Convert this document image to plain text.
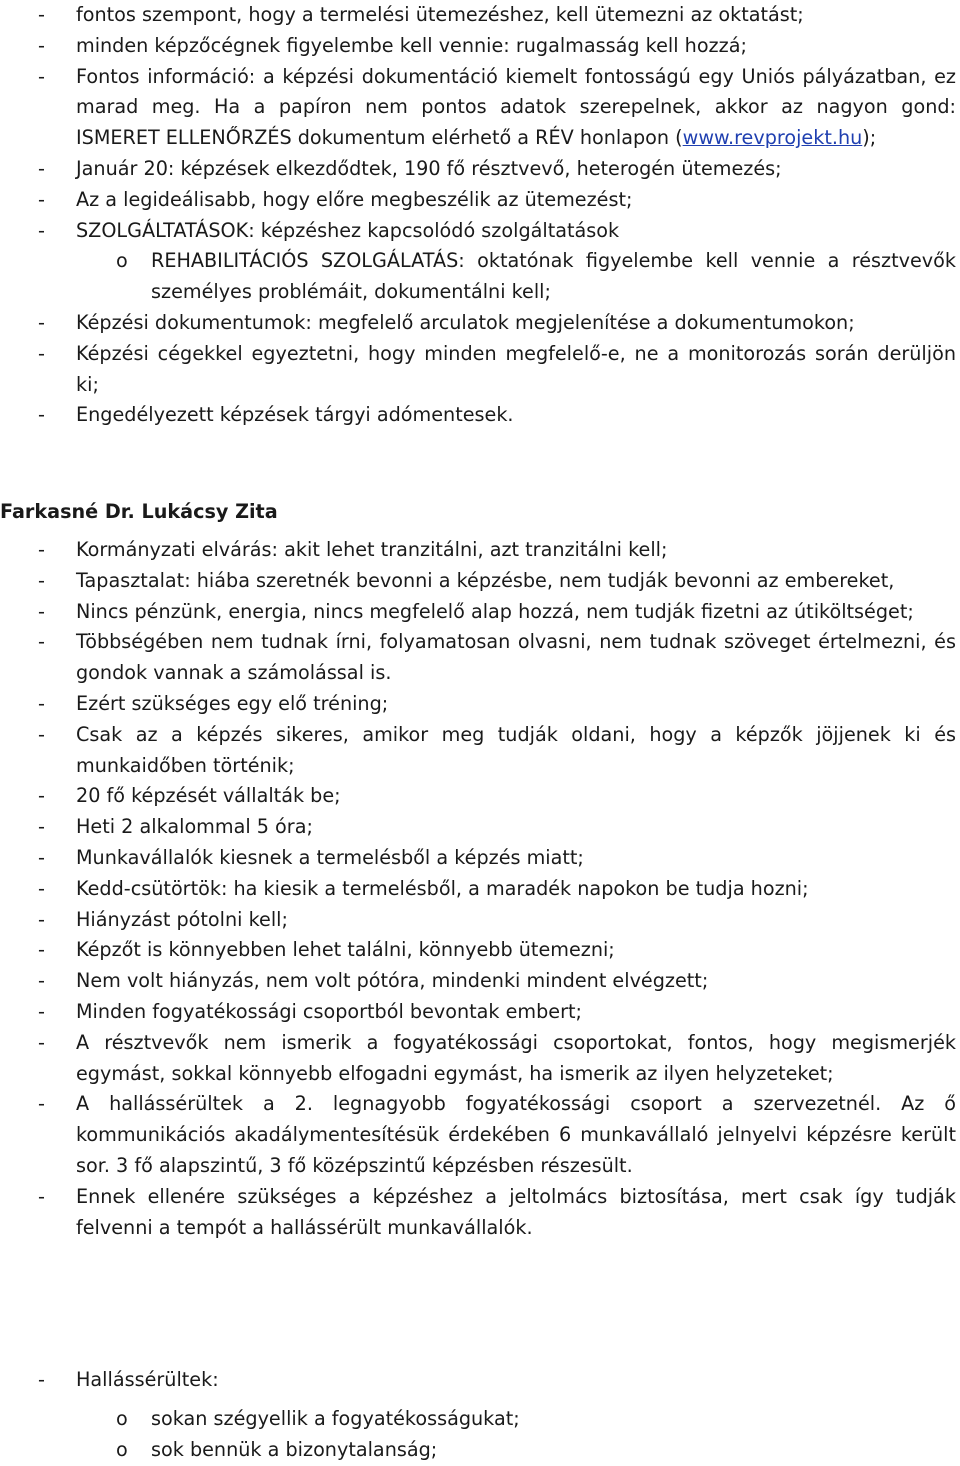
- fontos szempont, hogy a termelési ütemezéshez, kell ütemezni az oktatást;
- minden képzőcégnek figyelembe kell vennie: rugalmasság kell hozzá;
- Fontos információ: a képzési dokumentáció kiemelt fontosságú egy Uniós pályázatban, ez marad meg. Ha a papíron nem pontos adatok szerepelnek, akkor az nagyon gond: ISMERET ELLENŐRZÉS dokumentum elérhető a RÉV honlapon (www.revprojekt.hu);
- Január 20: képzések elkezdődtek, 190 fő résztvevő, heterogén ütemezés;
- Az a legideálisabb, hogy előre megbeszélik az ütemezést;
- SZOLGÁLTATÁSOK: képzéshez kapcsolódó szolgáltatások
o REHABILITÁCIÓS SZOLGÁLATÁS: oktatónak figyelembe kell vennie a résztvevők személyes problémáit, dokumentálni kell;
- Képzési dokumentumok: megfelelő arculatok megjelenítése a dokumentumokon;
- Képzési cégekkel egyeztetni, hogy minden megfelelő-e, ne a monitorozás során derüljön ki;
- Engedélyezett képzések tárgyi adómentesek.
Farkasné Dr. Lukácsy Zita
- Kormányzati elvárás: akit lehet tranzitálni, azt tranzitálni kell;
- Tapasztalat: hiába szeretnék bevonni a képzésbe, nem tudják bevonni az embereket,
- Nincs pénzünk, energia, nincs megfelelő alap hozzá, nem tudják fizetni az útiköltséget;
- Többségében nem tudnak írni, folyamatosan olvasni, nem tudnak szöveget értelmezni, és gondok vannak a számolással is.
- Ezért szükséges egy elő tréning;
- Csak az a képzés sikeres, amikor meg tudják oldani, hogy a képzők jöjjenek ki és munkaidőben történik;
- 20 fő képzését vállalták be;
- Heti 2 alkalommal 5 óra;
- Munkavállalók kiesnek a termelésből a képzés miatt;
- Kedd-csütörtök: ha kiesik a termelésből, a maradék napokon be tudja hozni;
- Hiányzást pótolni kell;
- Képzőt is könnyebben lehet találni, könnyebb ütemezni;
- Nem volt hiányzás, nem volt pótóra, mindenki mindent elvégzett;
- Minden fogyatékossági csoportból bevontak embert;
- A résztvevők nem ismerik a fogyatékossági csoportokat, fontos, hogy megismerjék egymást, sokkal könnyebb elfogadni egymást, ha ismerik az ilyen helyzeteket;
- A hallássérültek a 2. legnagyobb fogyatékossági csoport a szervezetnél. Az ő kommunikációs akadálymentesítésük érdekében 6 munkavállaló jelnyelvi képzésre került sor. 3 fő alapszintű, 3 fő középszintű képzésben részesült.
- Ennek ellenére szükséges a képzéshez a jeltolmács biztosítása, mert csak így tudják felvenni a tempót a hallássérült munkavállalók.
- Hallássérültek:
o sokan szégyellik a fogyatékosságukat;
o sok bennük a bizonytalanság;
